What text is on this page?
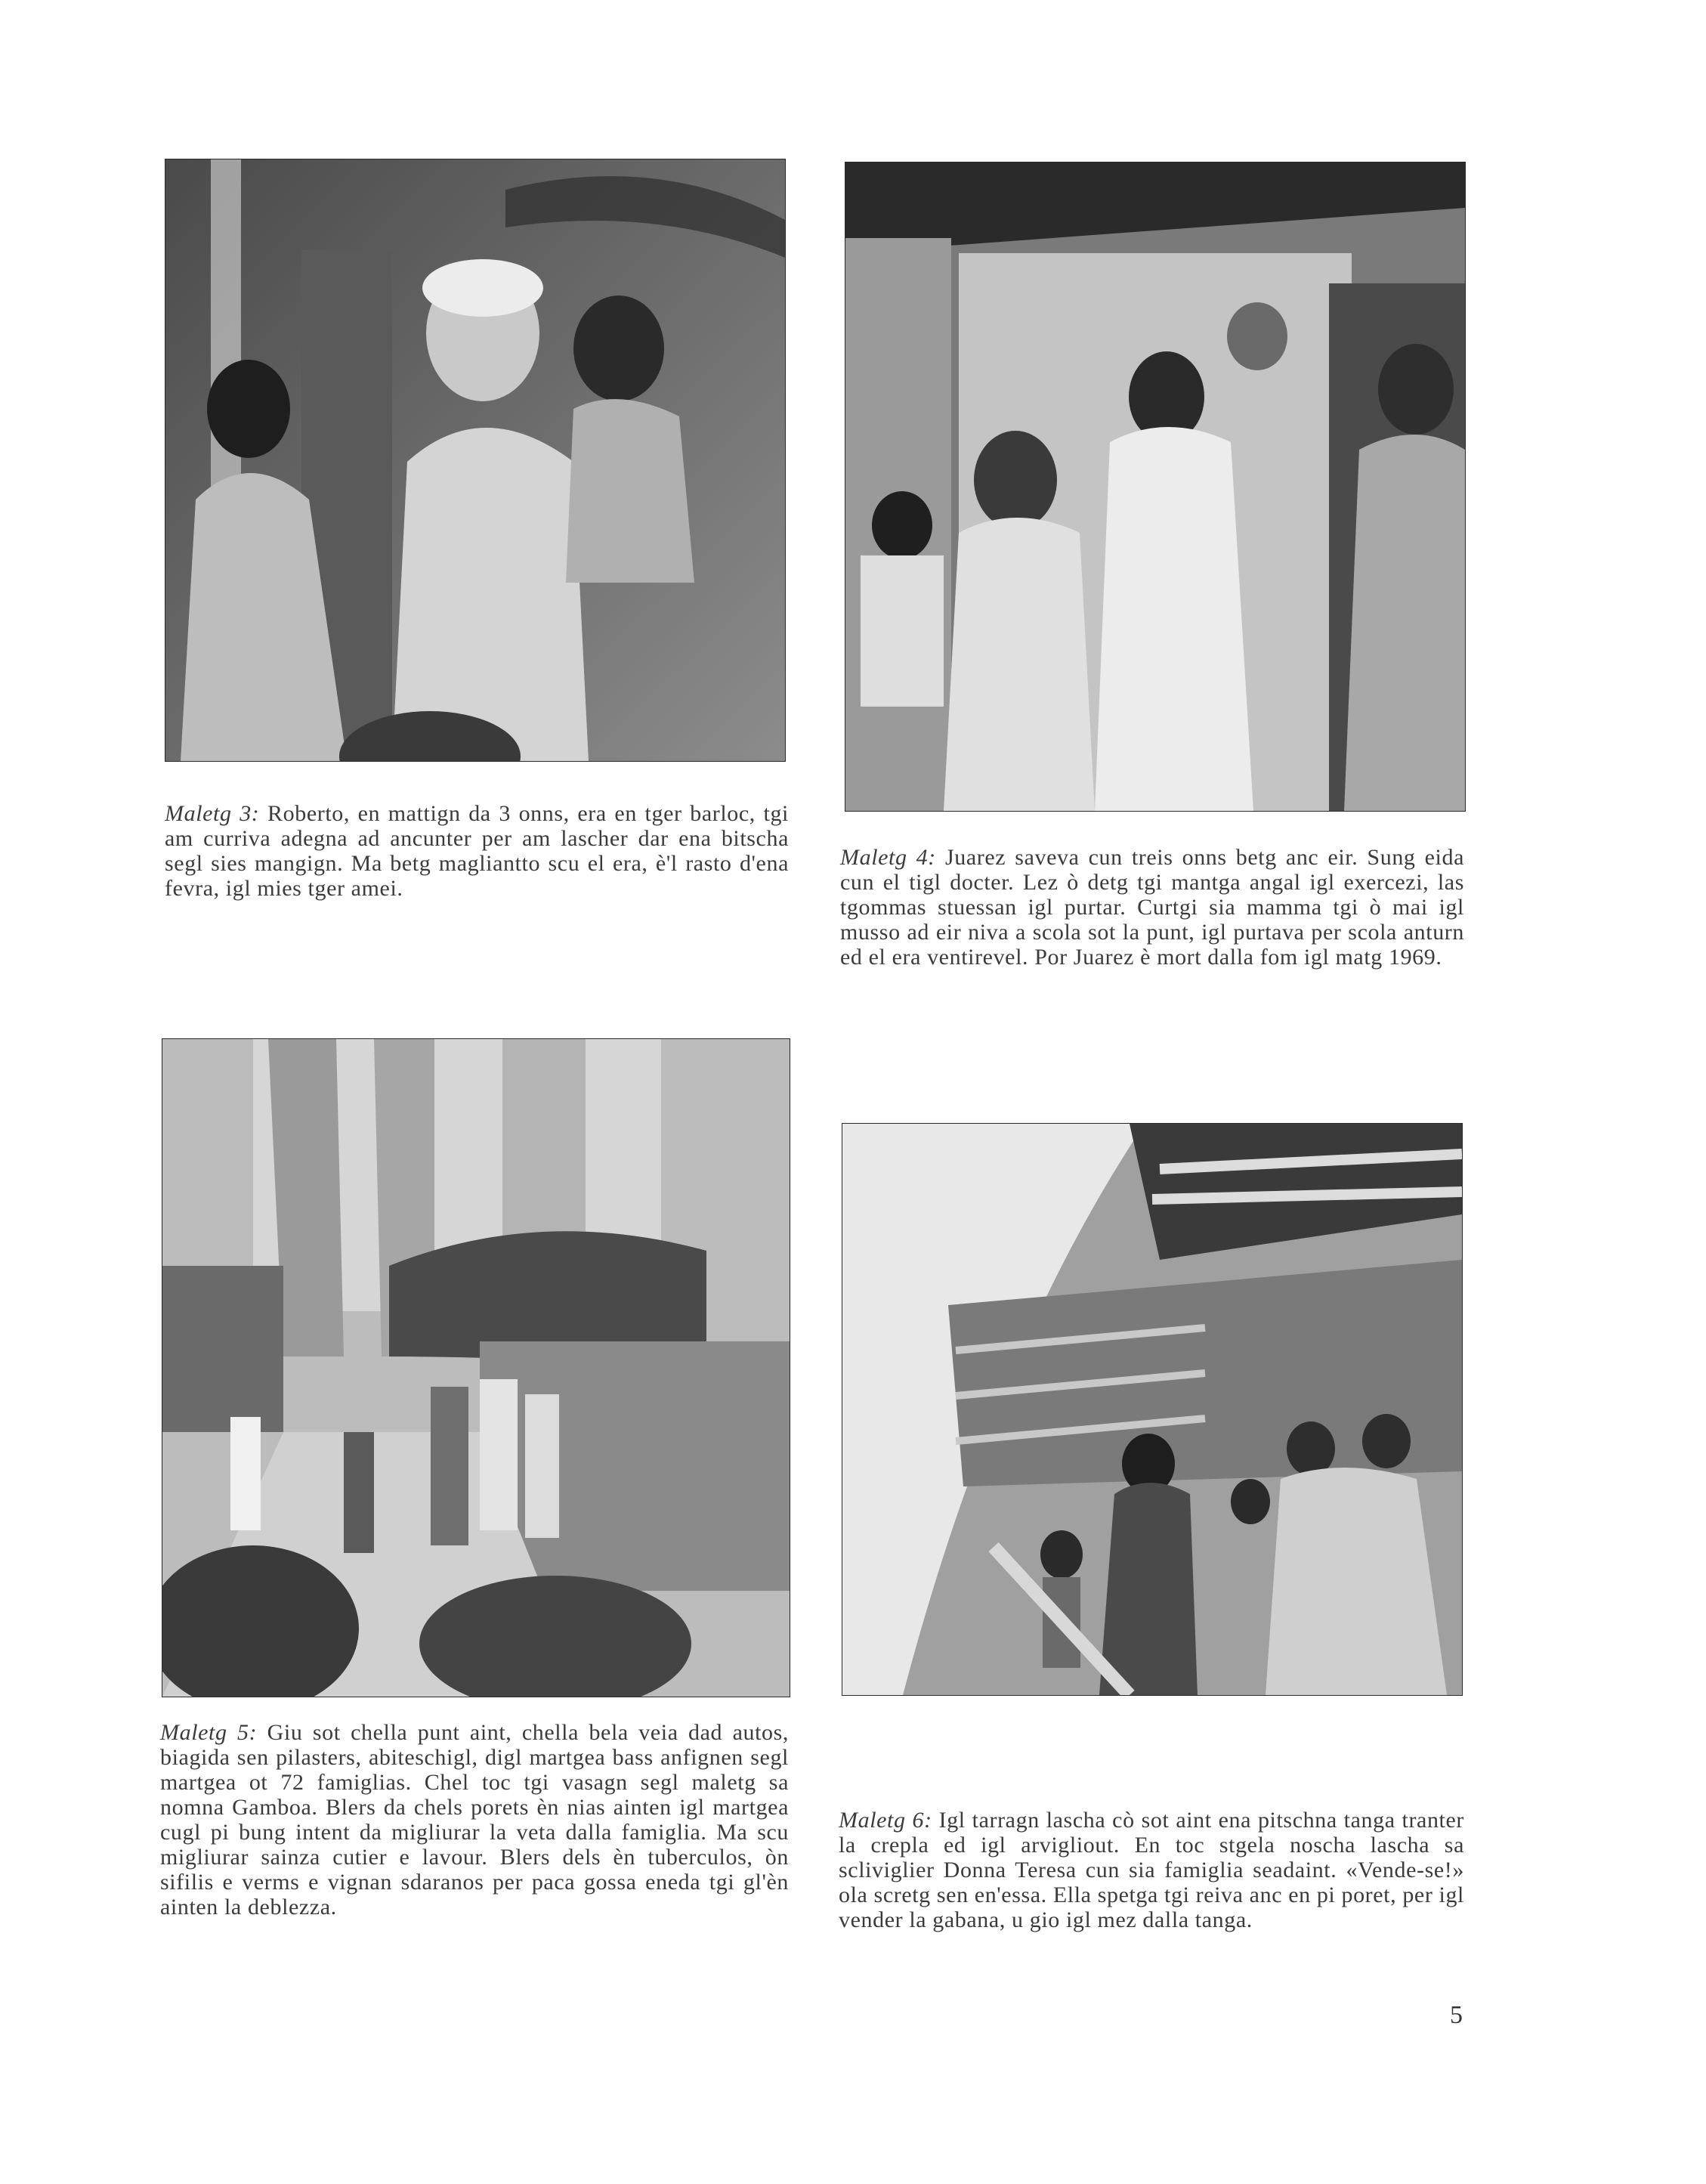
Maletg 3: Roberto, en mattign da 3 onns, era en tger barloc, tgi am curriva adegna ad ancunter per am lascher dar ena bitscha segl sies mangign. Ma betg magliantto scu el era, è'l rasto d'ena fevra, igl mies tger amei.

Maletg 4: Juarez saveva cun treis onns betg anc eir. Sung eida cun el tigl docter. Lez ò detg tgi mantga angal igl exercezi, las tgommas stuessan igl purtar. Curtgi sia mamma tgi ò mai igl musso ad eir niva a scola sot la punt, igl purtava per scola anturn ed el era ventirevel. Por Juarez è mort dalla fom igl matg 1969.

Maletg 5: Giu sot chella punt aint, chella bela veia dad autos, biagida sen pilasters, abiteschigl, digl martgea bass anfignen segl martgea ot 72 famiglias. Chel toc tgi vasagn segl maletg sa nomna Gamboa. Blers da chels porets èn nias ainten igl martgea cugl pi bung intent da migliurar la veta dalla famiglia. Ma scu migliurar sainza cutier e lavour. Blers dels èn tuberculos, òn sifilis e verms e vignan sdaranos per paca gossa eneda tgi gl'èn ainten la deblezza.

Maletg 6: Igl tarragn lascha cò sot aint ena pitschna tanga tranter la crepla ed igl arvigliout. En toc stgela noscha lascha sa scliviglier Donna Teresa cun sia famiglia seadaint. «Vende-se!» ola scretg sen en'essa. Ella spetga tgi reiva anc en pi poret, per igl vender la gabana, u gio igl mez dalla tanga.

5
